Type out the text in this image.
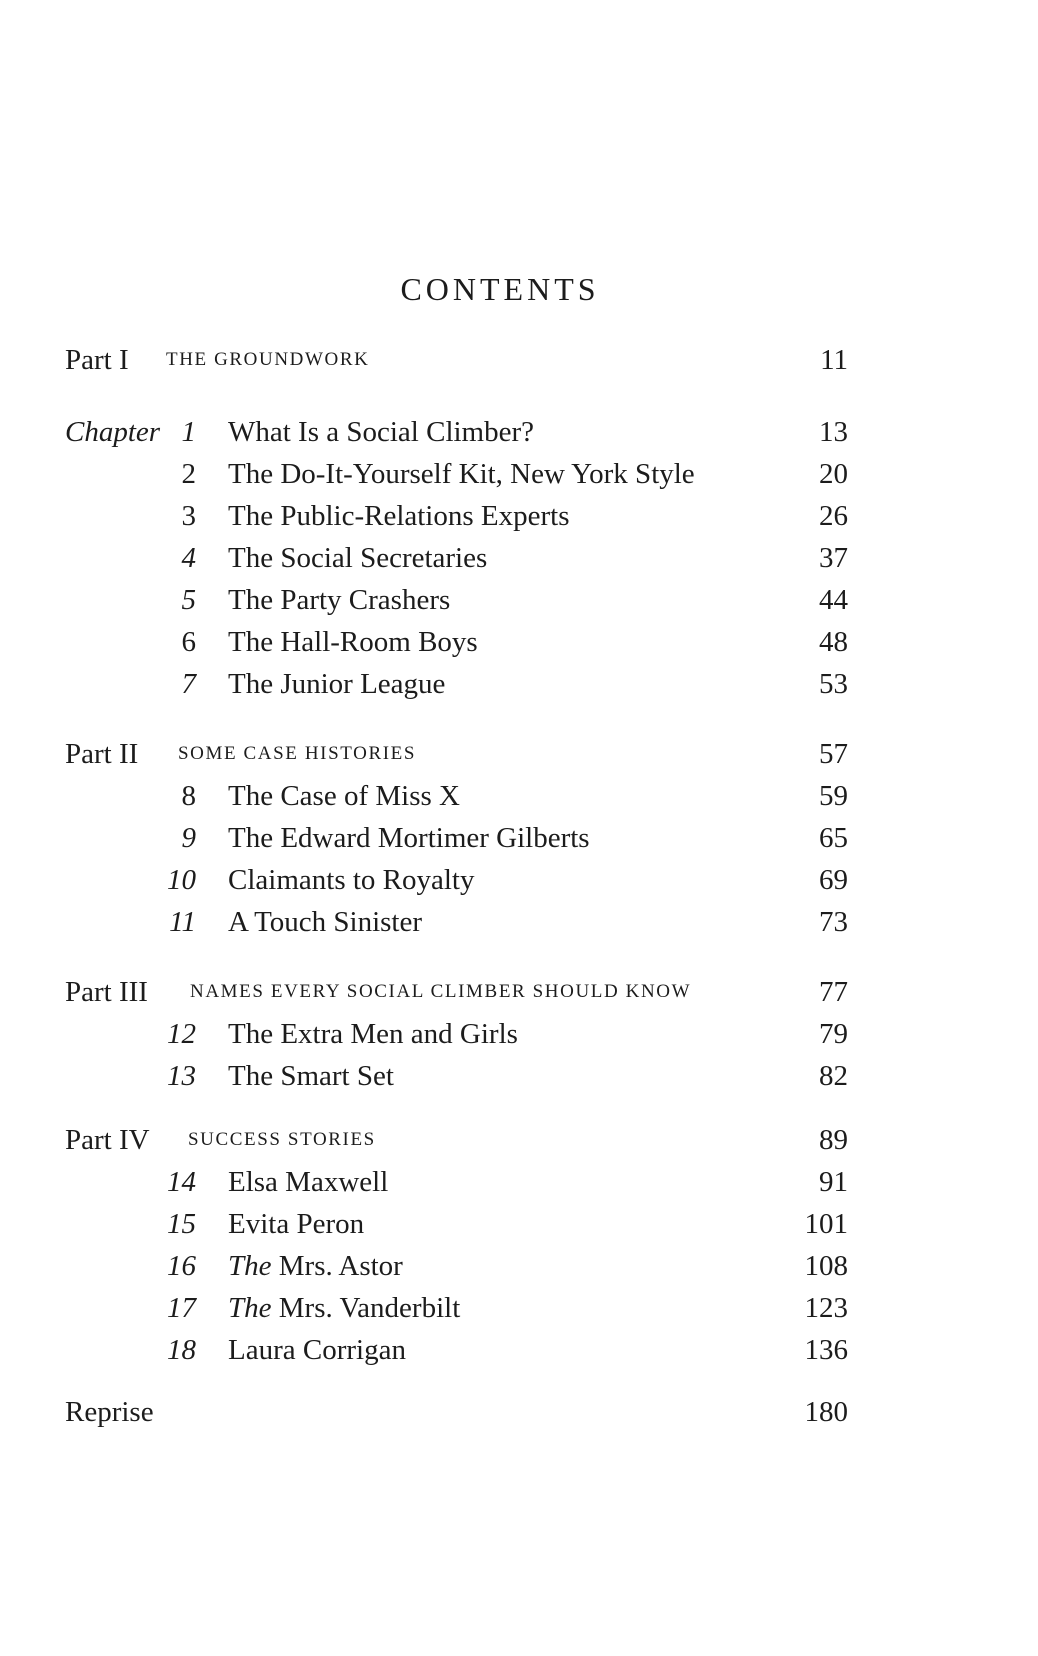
CONTENTS
Part I THE GROUNDWORK	11
Chapter 1 What Is a Social Climber?	13
2 The Do-It-Yourself Kit, New York Style	20
3 The Public-Relations Experts	26
4 The Social Secretaries	37
5 The Party Crashers	44
6 The Hall-Room Boys	48
7 The Junior League	53
Part II SOME CASE HISTORIES	57
8 The Case of Miss X	59
9 The Edward Mortimer Gilberts	65
10 Claimants to Royalty	69
11 A Touch Sinister	73
Part III NAMES EVERY SOCIAL CLIMBER SHOULD KNOW	77
12 The Extra Men and Girls	79
13 The Smart Set	82
Part IV SUCCESS STORIES	89
14 Elsa Maxwell	91
15 Evita Peron	101
16 The Mrs. Astor	108
17 The Mrs. Vanderbilt	123
18 Laura Corrigan	136
Reprise	180
